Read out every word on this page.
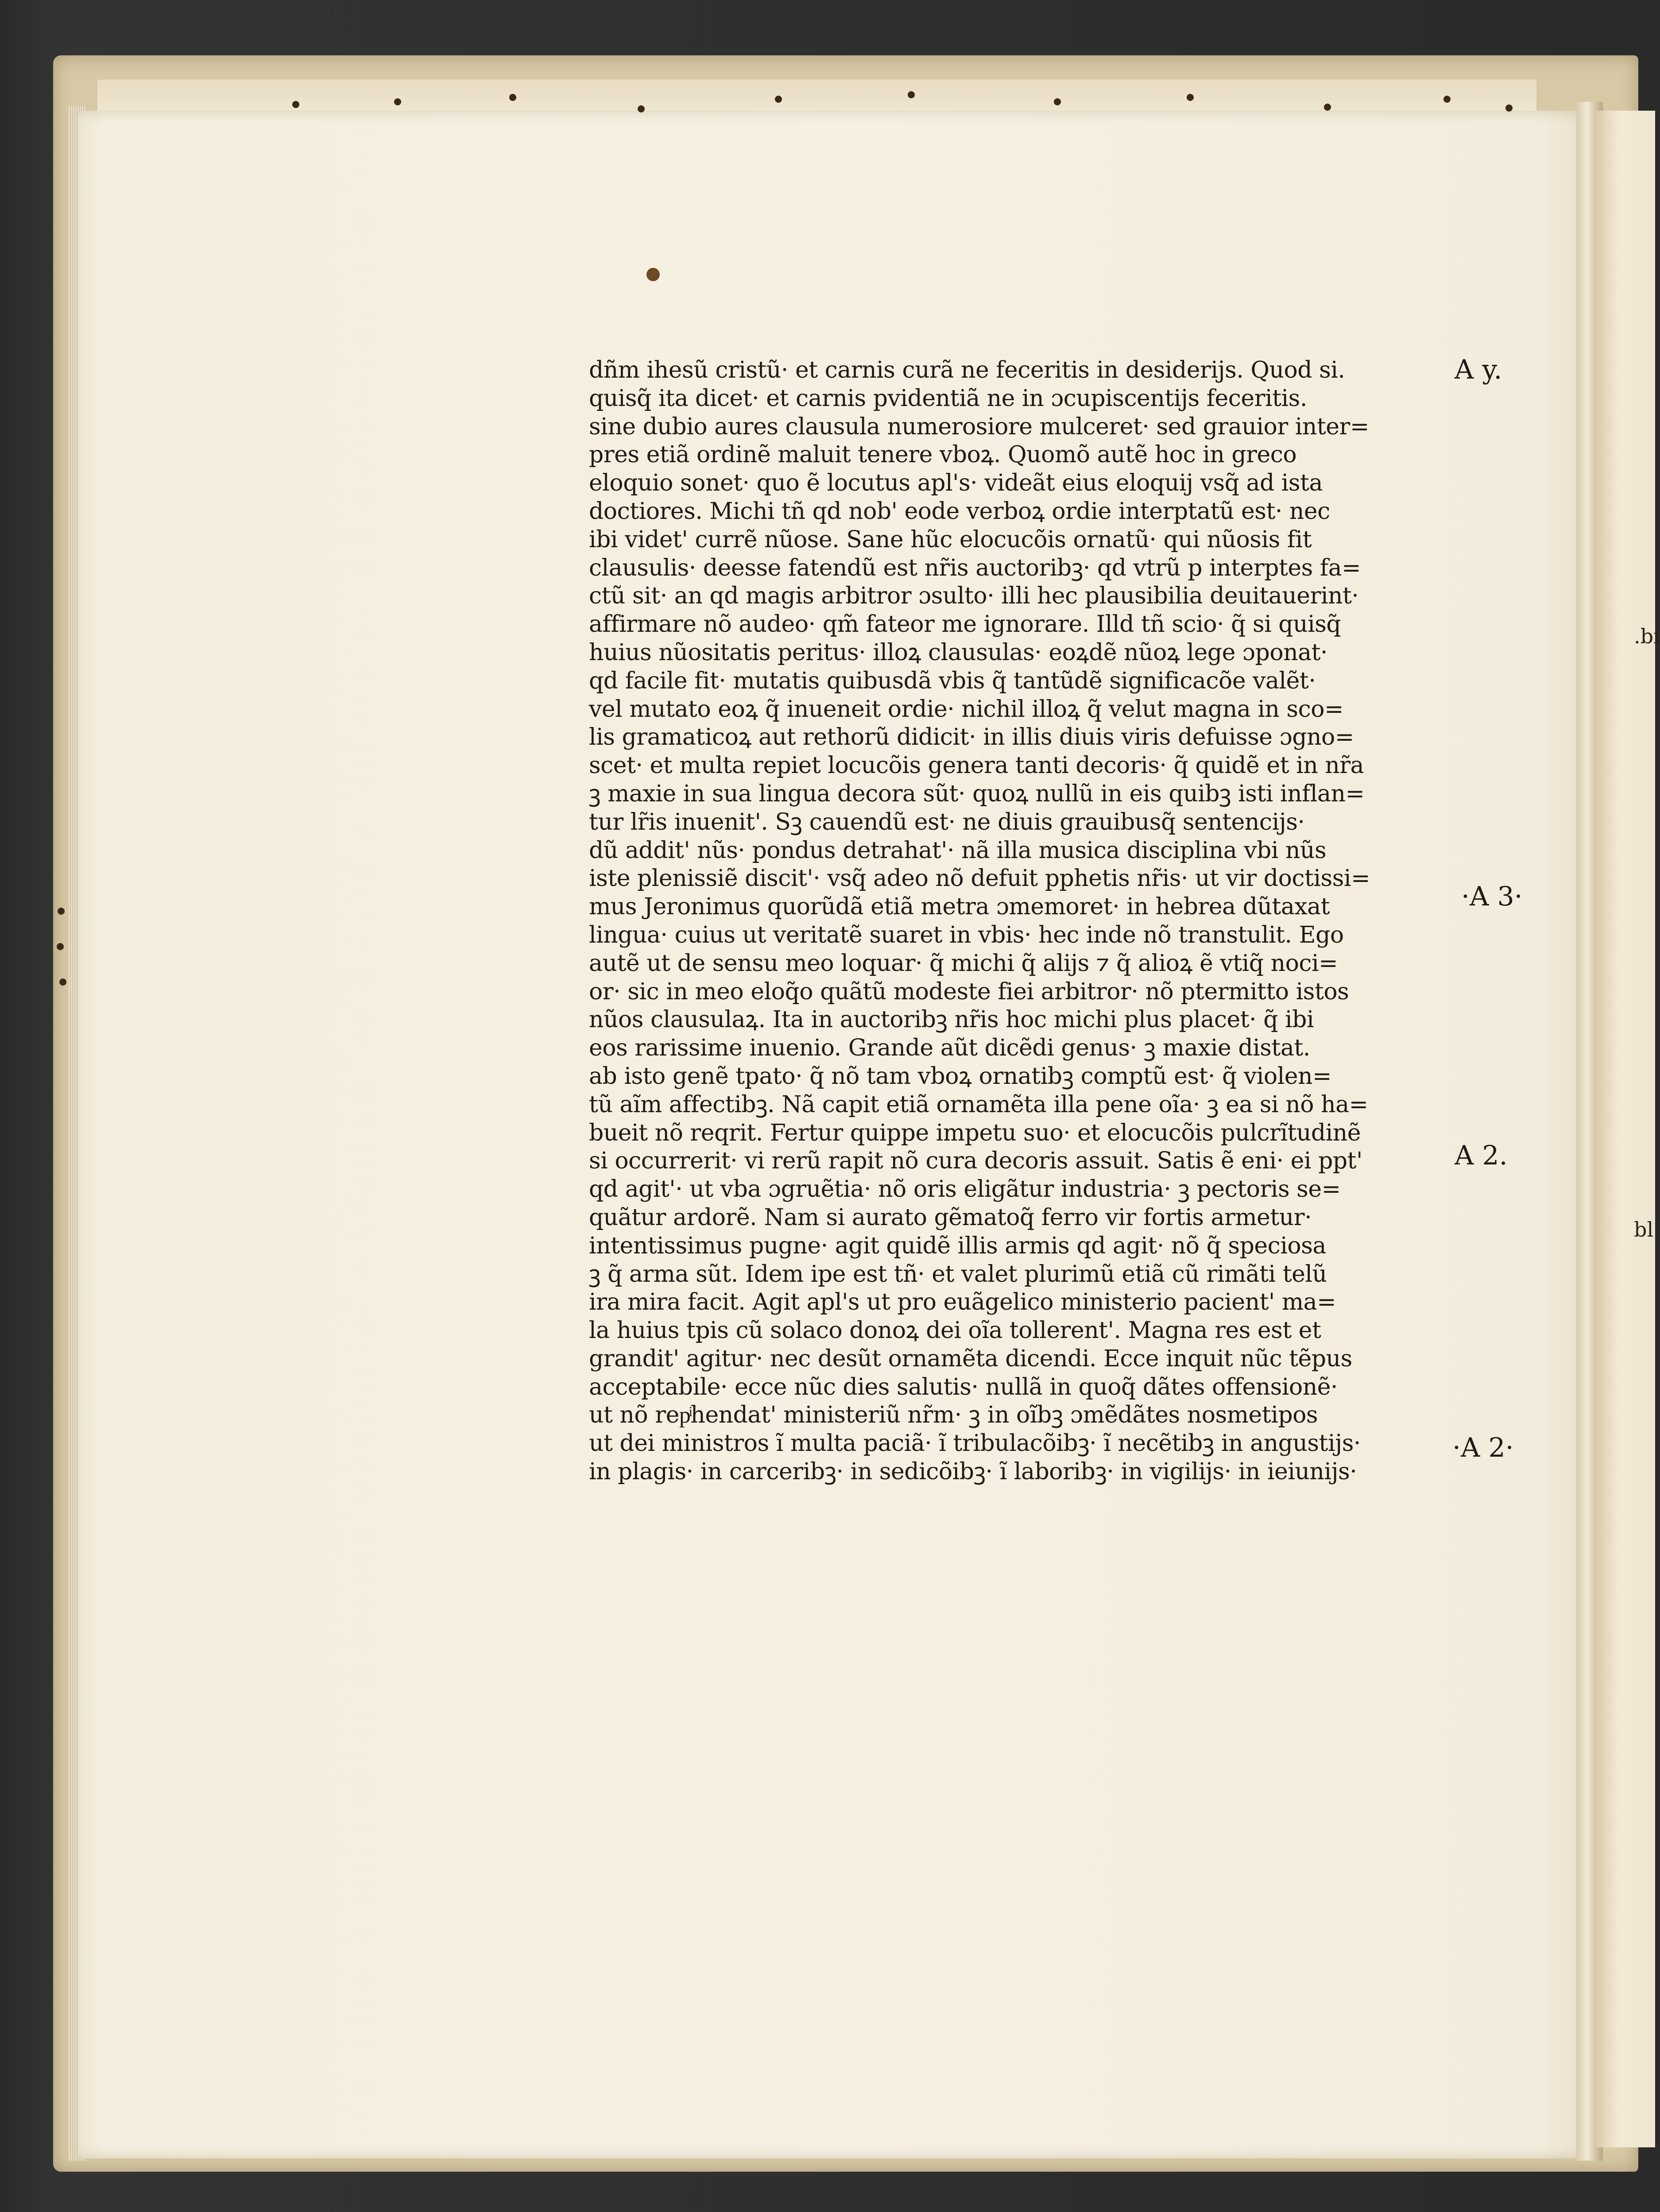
dñm ihesũ cristũ· et carnis curã ne feceritis in desiderijs. Quod si.
quisq̃ ita dicet· et carnis pvidentiã ne in ɔcupiscentijs feceritis.
sine dubio aures clausula numerosiore mulceret· sed grauior inter=
pres etiã ordinẽ maluit tenere vboꝝ. Quomõ autẽ hoc in greco
eloquio sonet· quo ẽ locutus apl's· videãt eius eloquij vsq̃ ad ista
doctiores. Michi tñ qd nob' eode verboꝝ ordie interptatũ est· nec
ibi videt' currẽ nũose. Sane hũc elocucõis ornatũ· qui nũosis fit
clausulis· deesse fatendũ est nr̃is auctoribꝫ· qd vtrũ p interptes fa=
ctũ sit· an qd magis arbitror ɔsulto· illi hec plausibilia deuitauerint·
affirmare nõ audeo· qm̃ fateor me ignorare. Illd tñ scio· q̃ si quisq̃
huius nũositatis peritus· illoꝝ clausulas· eoꝝdẽ nũoꝝ lege ɔponat·
qd facile fit· mutatis quibusdã vbis q̃ tantũdẽ significacõe valẽt·
vel mutato eoꝝ q̃ inueneit ordie· nichil illoꝝ q̃ velut magna in sco=
lis gramaticoꝝ aut rethorũ didicit· in illis diuis viris defuisse ɔgno=
scet· et multa repiet locucõis genera tanti decoris· q̃ quidẽ et in nr̃a
ꝫ maxie in sua lingua decora sũt· quoꝝ nullũ in eis quibꝫ isti inflan=
tur lr̃is inuenit'. Sꝫ cauendũ est· ne diuis grauibusq̃ sentencijs·
dũ addit' nũs· pondus detrahat'· nã illa musica disciplina vbi nũs
iste plenissiẽ discit'· vsq̃ adeo nõ defuit pphetis nr̃is· ut vir doctissi=
mus Jeronimus quorũdã etiã metra ɔmemoret· in hebrea dũtaxat
lingua· cuius ut veritatẽ suaret in vbis· hec inde nõ transtulit. Ego
autẽ ut de sensu meo loquar· q̃ michi q̃ alijs ⁊ q̃ alioꝝ ẽ vtiq̃ noci=
or· sic in meo eloq̃o quãtũ modeste fiei arbitror· nõ ptermitto istos
nũos clausulaꝝ. Ita in auctoribꝫ nr̃is hoc michi plus placet· q̃ ibi
eos rarissime inuenio. Grande aũt dicẽdi genus· ꝫ maxie distat.
ab isto genẽ tpato· q̃ nõ tam vboꝝ ornatibꝫ comptũ est· q̃ violen=
tũ aĩm affectibꝫ. Nã capit etiã ornamẽta illa pene oĩa· ꝫ ea si nõ ha=
bueit nõ reqrit. Fertur quippe impetu suo· et elocucõis pulcrĩtudinẽ
si occurrerit· vi rerũ rapit nõ cura decoris assuit. Satis ẽ eni· ei ppt'
qd agit'· ut vba ɔgruẽtia· nõ oris eligãtur industria· ꝫ pectoris se=
quãtur ardorẽ. Nam si aurato gẽmatoq̃ ferro vir fortis armetur·
intentissimus pugne· agit quidẽ illis armis qd agit· nõ q̃ speciosa
ꝫ q̃ arma sũt. Idem ipe est tñ· et valet plurimũ etiã cũ rimãti telũ
ira mira facit. Agit apl's ut pro euãgelico ministerio pacient' ma=
la huius tpis cũ solaco donoꝝ dei oĩa tollerent'. Magna res est et
grandit' agitur· nec desũt ornamẽta dicendi. Ecce inquit nũc tẽpus
acceptabile· ecce nũc dies salutis· nullã in quoq̃ dãtes offensionẽ·
ut nõ repͥhendat' ministeriũ nr̃m· ꝫ in oĩbꝫ ɔmẽdãtes nosmetipos
ut dei ministros ĩ multa paciã· ĩ tribulacõibꝫ· ĩ necẽtibꝫ in angustijs·
in plagis· in carceribꝫ· in sedicõibꝫ· ĩ laboribꝫ· in vigilijs· in ieiunijs·
A y.
·A 3·
A 2.
·A 2·
.bi
bl
